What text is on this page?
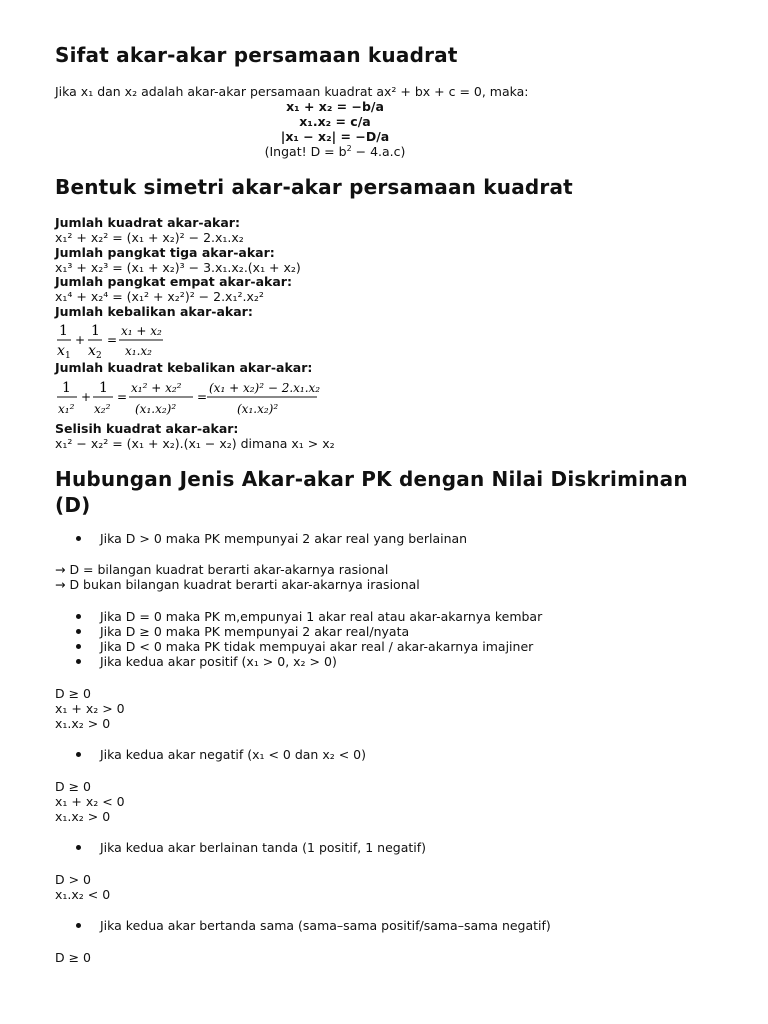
Sifat akar-akar persamaan kuadrat
Jika x₁ dan x₂ adalah akar-akar persamaan kuadrat ax² + bx + c = 0, maka:
x₁ + x₂ = −b/a
x₁.x₂ = c/a
|x₁ − x₂| = −D/a
(Ingat! $D = b^2 - 4.a.c$)
Bentuk simetri akar-akar persamaan kuadrat
Jumlah kuadrat akar-akar:
x₁² + x₂² = (x₁ + x₂)² − 2.x₁.x₂
Jumlah pangkat tiga akar-akar:
x₁³ + x₂³ = (x₁ + x₂)³ − 3.x₁.x₂.(x₁ + x₂)
Jumlah pangkat empat akar-akar:
x₁⁴ + x₂⁴ = (x₁² + x₂²)² − 2.x₁².x₂²
Jumlah kebalikan akar-akar:
1
x 1
+
1
x 2
=
x₁ + x₂
x₁.x₂
Jumlah kuadrat kebalikan akar-akar:
1
x₁²
+
1
x₂²
=
x₁² + x₂²
(x₁.x₂)²
=
(x₁ + x₂)² − 2.x₁.x₂
(x₁.x₂)²
Selisih kuadrat akar-akar:
x₁² − x₂² = (x₁ + x₂).(x₁ − x₂) dimana x₁ > x₂
Hubungan Jenis Akar-akar PK dengan Nilai Diskriminan (D)
Jika D > 0 maka PK mempunyai 2 akar real yang berlainan
→ D = bilangan kuadrat berarti akar-akarnya rasional
→ D bukan bilangan kuadrat berarti akar-akarnya irasional
Jika D = 0 maka PK m,empunyai 1 akar real atau akar-akarnya kembar
Jika D ≥ 0 maka PK mempunyai 2 akar real/nyata
Jika D < 0 maka PK tidak mempuyai akar real / akar-akarnya imajiner
Jika kedua akar positif (x₁ > 0, x₂ > 0)
D ≥ 0
x₁ + x₂ > 0
x₁.x₂ > 0
Jika kedua akar negatif (x₁ < 0 dan x₂ < 0)
D ≥ 0
x₁ + x₂ < 0
x₁.x₂ > 0
Jika kedua akar berlainan tanda (1 positif, 1 negatif)
D > 0
x₁.x₂ < 0
Jika kedua akar bertanda sama (sama–sama positif/sama–sama negatif)
D ≥ 0
